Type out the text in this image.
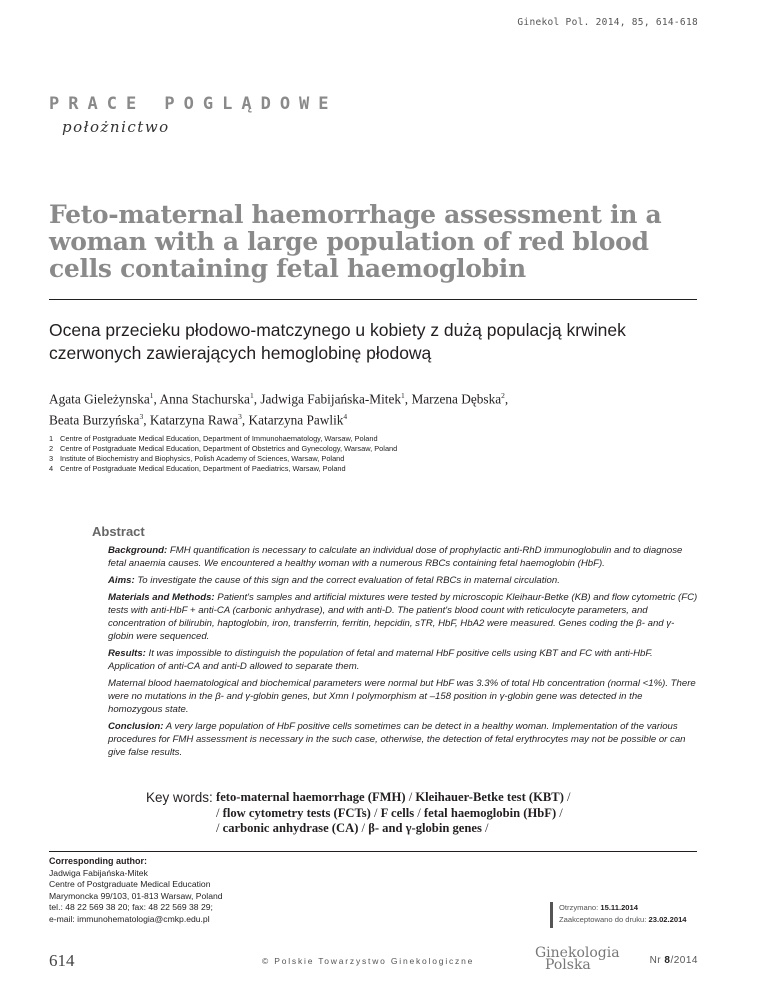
Ginekol Pol. 2014, 85, 614-618
PRACE POGLĄDOWE
położnictwo
Feto-maternal haemorrhage assessment in a woman with a large population of red blood cells containing fetal haemoglobin
Ocena przecieku płodowo-matczynego u kobiety z dużą populacją krwinek czerwonych zawierających hemoglobinę płodową
Agata Gieleżynska$^1$, Anna Stachurska$^1$, Jadwiga Fabijańska-Mitek$^1$, Marzena Dębska$^2$,
Beata Burzyńska$^3$, Katarzyna Rawa$^3$, Katarzyna Pawlik$^4$
1 Centre of Postgraduate Medical Education, Department of Immunohaematology, Warsaw, Poland
2 Centre of Postgraduate Medical Education, Department of Obstetrics and Gynecology, Warsaw, Poland
3 Institute of Biochemistry and Biophysics, Polish Academy of Sciences, Warsaw, Poland
4 Centre of Postgraduate Medical Education, Department of Paediatrics, Warsaw, Poland
Abstract

Background: FMH quantification is necessary to calculate an individual dose of prophylactic anti-RhD immunoglobulin and to diagnose fetal anaemia causes. We encountered a healthy woman with a numerous RBCs containing fetal haemoglobin (HbF).

Aims: To investigate the cause of this sign and the correct evaluation of fetal RBCs in maternal circulation.

Materials and Methods: Patient's samples and artificial mixtures were tested by microscopic Kleihaur-Betke (KB) and flow cytometric (FC) tests with anti-HbF + anti-CA (carbonic anhydrase), and with anti-D. The patient's blood count with reticulocyte parameters, and concentration of bilirubin, haptoglobin, iron, transferrin, ferritin, hepcidin, sTR, HbF, HbA2 were measured. Genes coding the β- and γ-globin were sequenced.

Results: It was impossible to distinguish the population of fetal and maternal HbF positive cells using KBT and FC with anti-HbF. Application of anti-CA and anti-D allowed to separate them.

Maternal blood haematological and biochemical parameters were normal but HbF was 3.3% of total Hb concentration (normal <1%). There were no mutations in the β- and γ-globin genes, but Xmn I polymorphism at –158 position in γ-globin gene was detected in the homozygous state.

Conclusion: A very large population of HbF positive cells sometimes can be detect in a healthy woman. Implementation of the various procedures for FMH assessment is necessary in the such case, otherwise, the detection of fetal erythrocytes may not be possible or can give false results.

Key words: feto-maternal haemorrhage (FMH) / Kleihauer-Betke test (KBT) /
/ flow cytometry tests (FCTs) / F cells / fetal haemoglobin (HbF) /
/ carbonic anhydrase (CA) / β- and γ-globin genes /
Corresponding author:
Jadwiga Fabijańska-Mitek
Centre of Postgraduate Medical Education
Marymoncka 99/103, 01-813 Warsaw, Poland
tel.: 48 22 569 38 20; fax: 48 22 569 38 29;
e-mail: immunohematologia@cmkp.edu.pl
Otrzymano: 15.11.2014
Zaakceptowano do druku: 23.02.2014
614	© Polskie Towarzystwo Ginekologiczne	Ginekologia
Polska	Nr 8/2014
